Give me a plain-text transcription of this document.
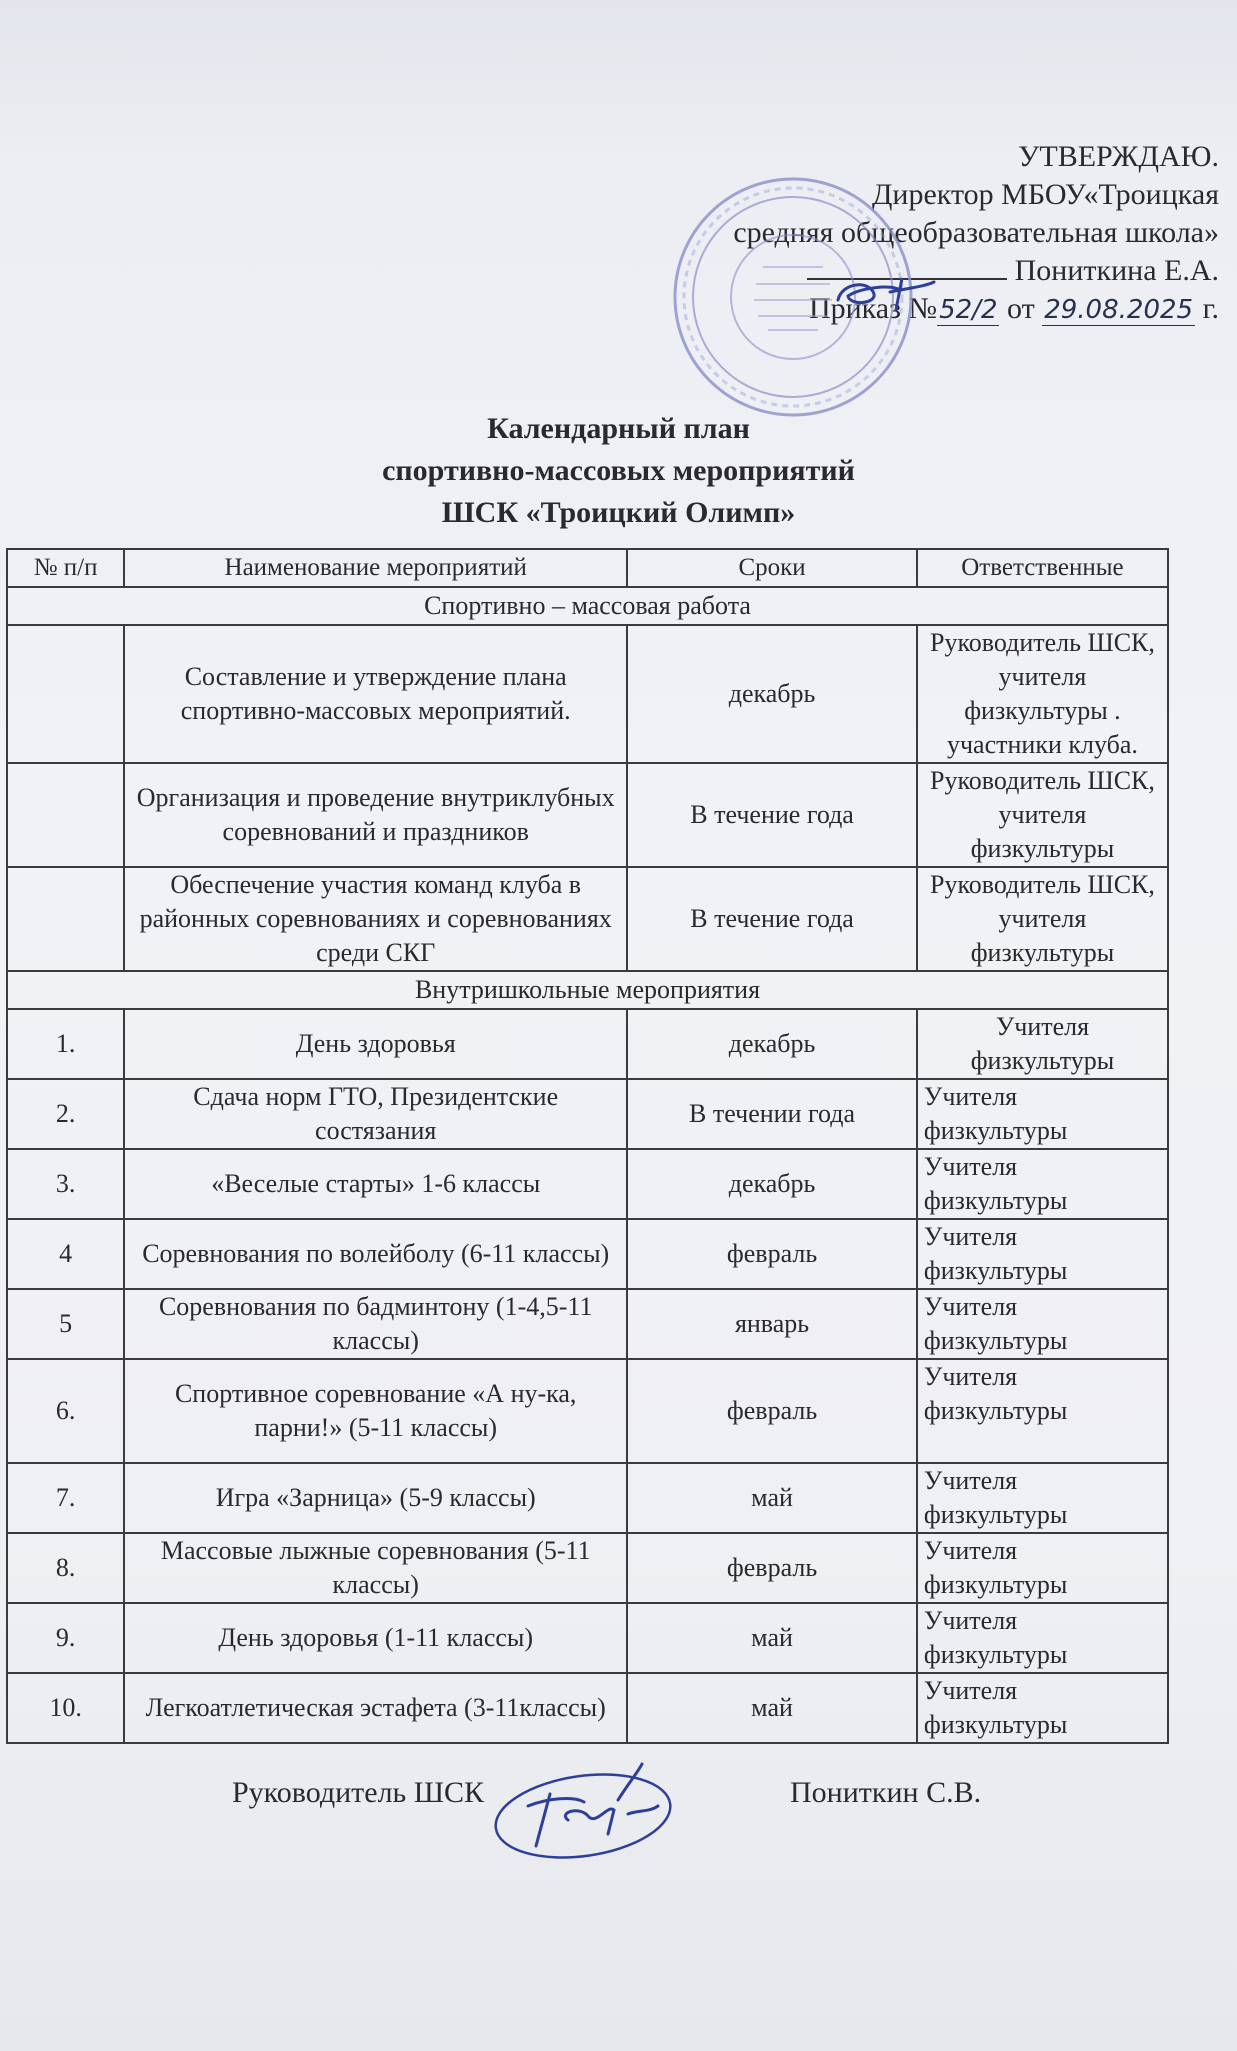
УТВЕРЖДАЮ.
Директор МБОУ«Троицкая
средняя общеобразовательная школа»
Пониткина Е.А.
Приказ №52/2 от 29.08.2025 г.
Календарный план
спортивно-массовых мероприятий
ШСК «Троицкий Олимп»
№ п/п	Наименование мероприятий	Сроки	Ответственные
Спортивно – массовая работа			
	Составление и утверждение плана спортивно-массовых мероприятий.	декабрь	Руководитель ШСК, учителя физкультуры . участники клуба.
	Организация и проведение внутриклубных соревнований и праздников	В течение года	Руководитель ШСК, учителя физкультуры
	Обеспечение участия команд клуба в районных соревнованиях и соревнованиях среди СКГ	В течение года	Руководитель ШСК, учителя физкультуры
Внутришкольные мероприятия			
1.	День здоровья	декабрь	Учителя физкультуры
2.	Сдача норм ГТО, Президентские состязания	В течении года	Учителя физкультуры
3.	«Веселые старты» 1-6 классы	декабрь	Учителя физкультуры
4	Соревнования по волейболу (6-11 классы)	февраль	Учителя физкультуры
5	Соревнования по бадминтону (1-4,5-11 классы)	январь	Учителя физкультуры
6.	Спортивное соревнование «А ну-ка, парни!» (5-11 классы)	февраль	Учителя физкультуры
7.	Игра «Зарница» (5-9 классы)	май	Учителя физкультуры
8.	Массовые лыжные соревнования (5-11 классы)	февраль	Учителя физкультуры
9.	День здоровья (1-11 классы)	май	Учителя физкультуры
10.	Легкоатлетическая эстафета (3-11классы)	май	Учителя физкультуры
Руководитель ШСК	Пониткин С.В.
